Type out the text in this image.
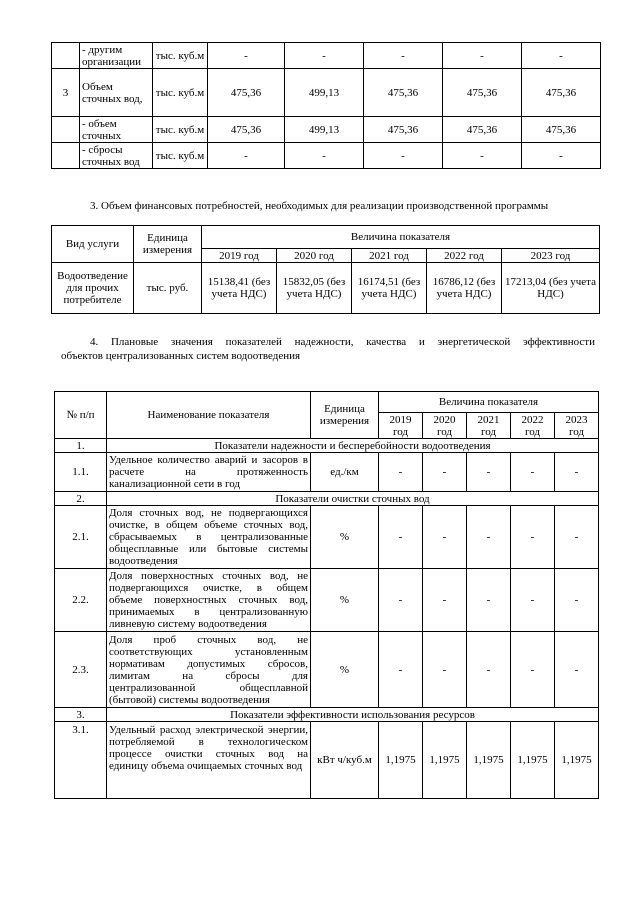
	- другим организации	тыс. куб.м	-	-	-	-	-
3	Объем сточных вод,	тыс. куб.м	475,36	499,13	475,36	475,36	475,36
	- объем сточных	тыс. куб.м	475,36	499,13	475,36	475,36	475,36
	- сбросы сточных вод	тыс. куб.м	-	-	-	-	-

3. Объем финансовых потребностей, необходимых для реализации производственной программы

Вид услуги	Единица измерения	Величина показателя				
		2019 год	2020 год	2021 год	2022 год	2023 год
Водоотведение для прочих потребителе	тыс. руб.	15138,41 (без учета НДС)	15832,05 (без учета НДС)	16174,51 (без учета НДС)	16786,12 (без учета НДС)	17213,04 (без учета НДС)

4. Плановые значения показателей надежности, качества и энергетической эффективности

объектов централизованных систем водоотведения

№ п/п	Наименование показателя	Единица измерения	Величина показателя				
			2019 год	2020 год	2021 год	2022 год	2023 год
1.	Показатели надежности и бесперебойности водоотведения						
1.1.	Удельное количество аварий и засоров в расчете на протяженность канализационной сети в год	ед./км	-	-	-	-	-
2.	Показатели очистки сточных вод						
2.1.	Доля сточных вод, не подвергающихся очистке, в общем объеме сточных вод, сбрасываемых в централизованные общесплавные или бытовые системы водоотведения	%	-	-	-	-	-
2.2.	Доля поверхностных сточных вод, не подвергающихся очистке, в общем объеме поверхностных сточных вод, принимаемых в централизованную ливневую систему водоотведения	%	-	-	-	-	-
2.3.	Доля проб сточных вод, не соответствующих установленным нормативам допустимых сбросов, лимитам на сбросы для централизованной общесплавной (бытовой) системы водоотведения	%	-	-	-	-	-
3.	Показатели эффективности использования ресурсов						
3.1.	Удельный расход электрической энергии, потребляемой в технологическом процессе очистки сточных вод на единицу объема очищаемых сточных вод	кВт ч/куб.м	1,1975	1,1975	1,1975	1,1975	1,1975
